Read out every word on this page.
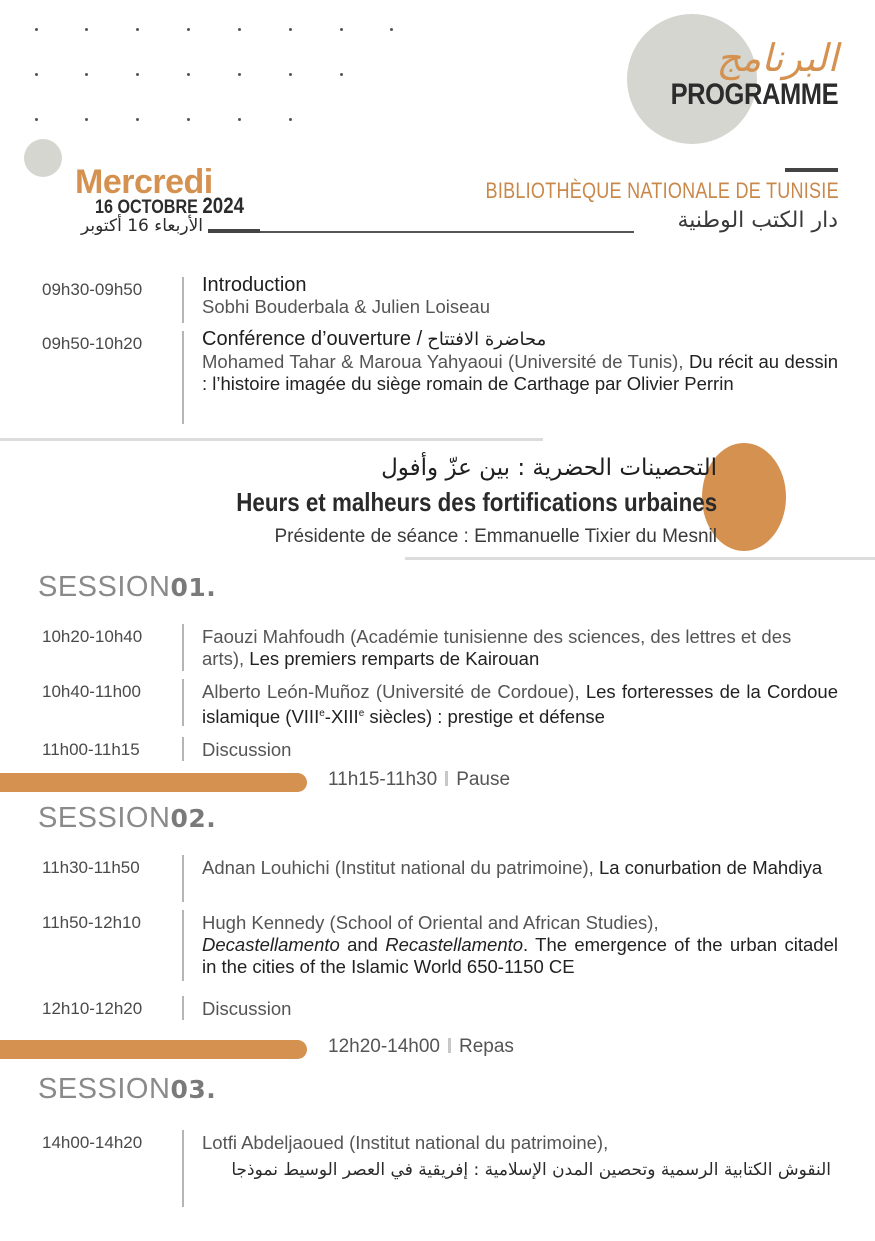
البرنامج
PROGRAMME
BIBLIOTHÈQUE NATIONALE DE TUNISIE
دار الكتب الوطنية
Mercredi
16 OCTOBRE 2024
الأربعاء 16 أكتوبر
09h30-09h50	Introduction
Sobhi Bouderbala & Julien Loiseau
09h50-10h20	Conférence d’ouverture / محاضرة الافتتاح
Mohamed Tahar & Maroua Yahyaoui (Université de Tunis), Du récit au dessin : l’histoire imagée du siège romain de Carthage par Olivier Perrin
التحصينات الحضرية : بين عزّ وأفول
Heurs et malheurs des fortifications urbaines
Présidente de séance : Emmanuelle Tixier du Mesnil
SESSION01.
10h20-10h40	Faouzi Mahfoudh (Académie tunisienne des sciences, des lettres et des arts), Les premiers remparts de Kairouan
10h40-11h00	Alberto León-Muñoz (Université de Cordoue), Les forteresses de la Cordoue islamique (VIIIe-XIIIe siècles) : prestige et défense
11h00-11h15	Discussion
11h15-11h30 Pause
SESSION02.
11h30-11h50	Adnan Louhichi (Institut national du patrimoine), La conurbation de Mahdiya
11h50-12h10	Hugh Kennedy (School of Oriental and African Studies),
Decastellamento and Recastellamento. The emergence of the urban citadel in the cities of the Islamic World 650-1150 CE
12h10-12h20	Discussion
12h20-14h00 Repas
SESSION03.
14h00-14h20	Lotfi Abdeljaoued (Institut national du patrimoine),
النقوش الكتابية الرسمية وتحصين المدن الإسلامية : إفريقية في العصر الوسيط نموذجا
